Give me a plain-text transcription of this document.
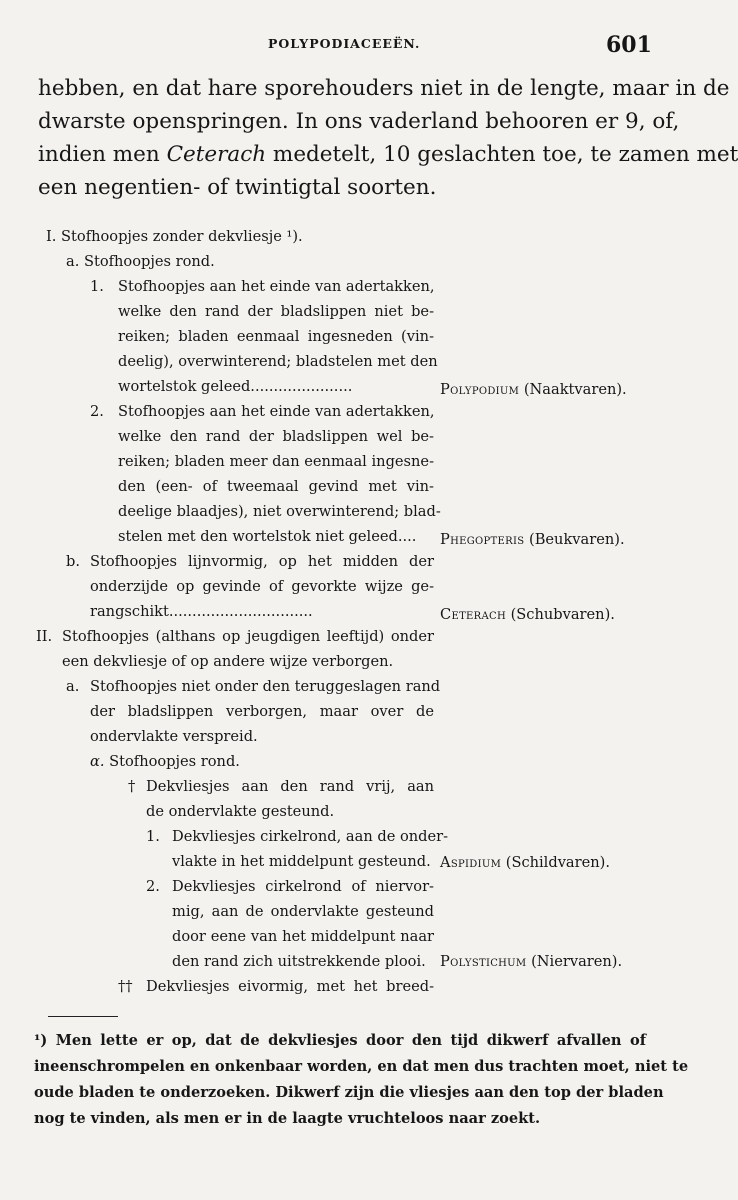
POLYPODIACEEËN.	601
hebben, en dat hare sporehouders niet in de lengte, maar in de
dwarste openspringen. In ons vaderland behooren er 9, of,
indien men Ceterach medetelt, 10 geslachten toe, te zamen met
een negentien- of twintigtal soorten.
I. Stofhoopjes zonder dekvliesje ¹).
a. Stofhoopjes rond.
1. Stofhoopjes aan het einde van adertakken,
welke den rand der bladslippen niet be-
reiken; bladen eenmaal ingesneden (vin-
deelig), overwinterend; bladstelen met den
wortelstok geleed......................	Polypodium (Naaktvaren).
2. Stofhoopjes aan het einde van adertakken,
welke den rand der bladslippen wel be-
reiken; bladen meer dan eenmaal ingesne-
den (een- of tweemaal gevind met vin-
deelige blaadjes), niet overwinterend; blad-
stelen met den wortelstok niet geleed....	Phegopteris (Beukvaren).
b. Stofhoopjes lijnvormig, op het midden der
onderzijde op gevinde of gevorkte wijze ge-
rangschikt...............................	Ceterach (Schubvaren).
II. Stofhoopjes (althans op jeugdigen leeftijd) onder
een dekvliesje of op andere wijze verborgen.
a. Stofhoopjes niet onder den teruggeslagen rand
der bladslippen verborgen, maar over de
ondervlakte verspreid.
α. Stofhoopjes rond.
† Dekvliesjes aan den rand vrij, aan
de ondervlakte gesteund.
1. Dekvliesjes cirkelrond, aan de onder-
vlakte in het middelpunt gesteund. Aspidium (Schildvaren).
2. Dekvliesjes cirkelrond of niervor-
mig, aan de ondervlakte gesteund
door eene van het middelpunt naar
den rand zich uitstrekkende plooi. Polystichum (Niervaren).
†† Dekvliesjes eivormig, met het breed-
¹) Men lette er op, dat de dekvliesjes door den tijd dikwerf afvallen of
ineenschrompelen en onkenbaar worden, en dat men dus trachten moet, niet te
oude bladen te onderzoeken. Dikwerf zijn die vliesjes aan den top der bladen
nog te vinden, als men er in de laagte vruchteloos naar zoekt.
